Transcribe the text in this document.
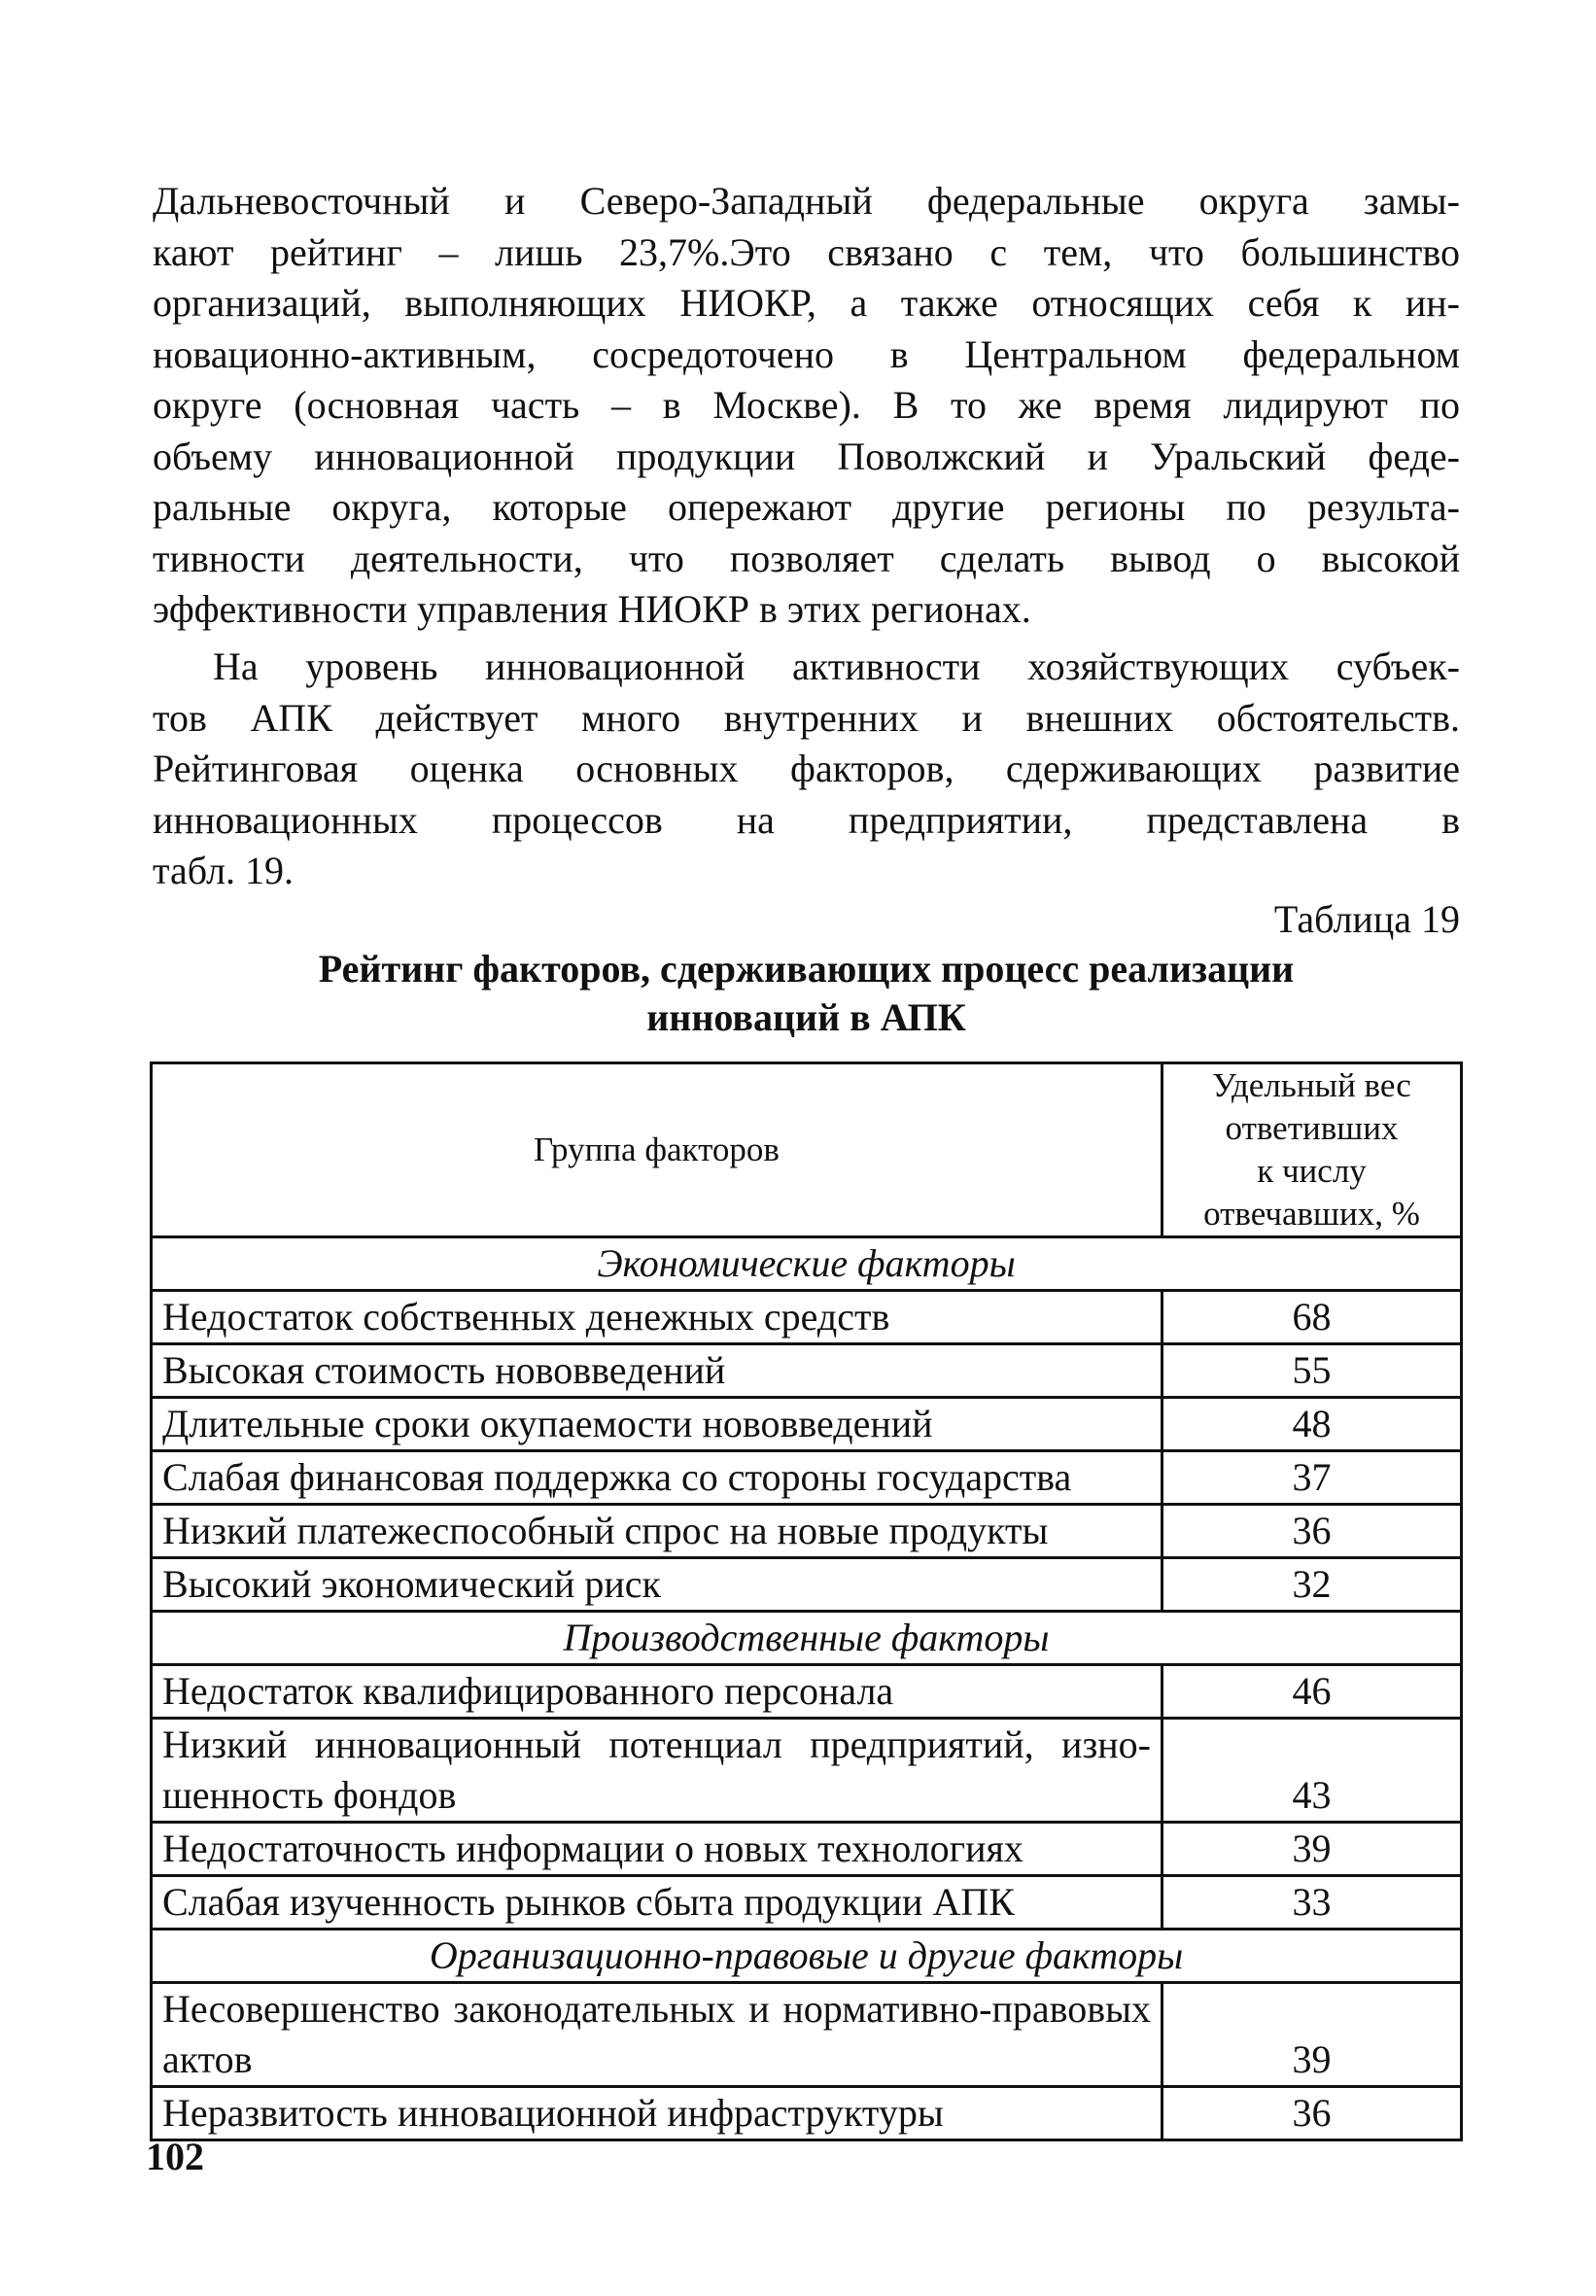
Дальневосточный и Северо-Западный федеральные округа замы-
кают рейтинг – лишь 23,7%.Это связано с тем, что большинство
организаций, выполняющих НИОКР, а также относящих себя к ин-
новационно-активным, сосредоточено в Центральном федеральном
округе (основная часть – в Москве). В то же время лидируют по
объему инновационной продукции Поволжский и Уральский феде-
ральные округа, которые опережают другие регионы по результа-
тивности деятельности, что позволяет сделать вывод о высокой
эффективности управления НИОКР в этих регионах.
На уровень инновационной активности хозяйствующих субъек-
тов АПК действует много внутренних и внешних обстоятельств.
Рейтинговая оценка основных факторов, сдерживающих развитие
инновационных процессов на предприятии, представлена в
табл. 19.
Таблица 19
Рейтинг факторов, сдерживающих процесс реализации
инноваций в АПК
Группа факторов	Удельный вес
ответивших
к числу
отвечавших, %

Экономические факторы	
Недостаток собственных денежных средств	68
Высокая стоимость нововведений	55
Длительные сроки окупаемости нововведений	48
Слабая финансовая поддержка со стороны государства	37
Низкий платежеспособный спрос на новые продукты	36
Высокий экономический риск	32
Производственные факторы	
Недостаток квалифицированного персонала	46
Низкий инновационный потенциал предприятий, изно-шенность фондов	43
Недостаточность информации о новых технологиях	39
Слабая изученность рынков сбыта продукции АПК	33
Организационно-правовые и другие факторы	
Несовершенство законодательных и нормативно-правовых актов	39
Неразвитость инновационной инфраструктуры	36
102
